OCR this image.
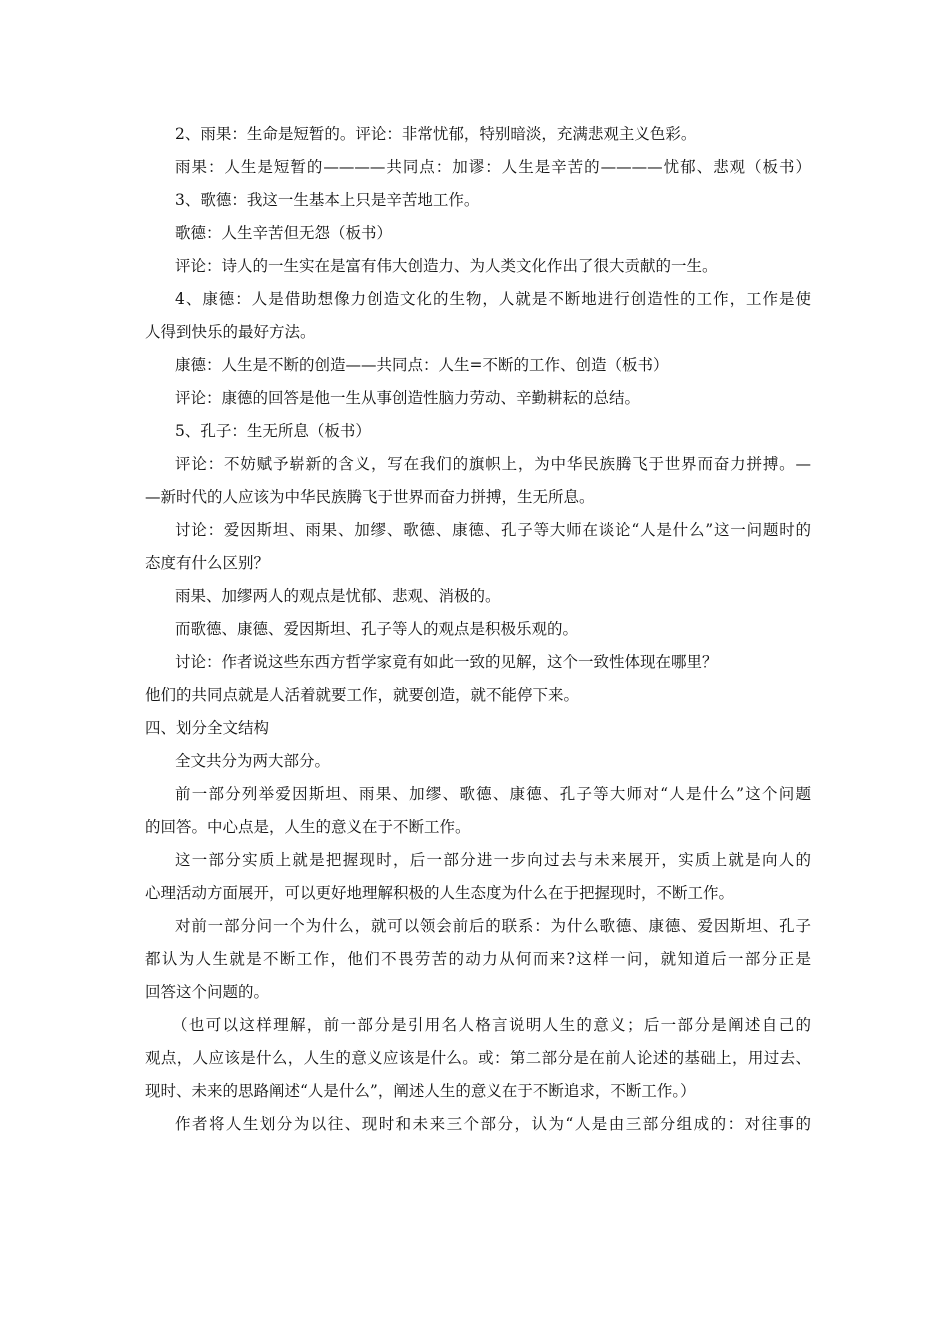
2、雨果：生命是短暂的。评论：非常忧郁，特别暗淡，充满悲观主义色彩。

雨果：人生是短暂的————共同点：加谬：人生是辛苦的————忧郁、悲观（板书）

3、歌德：我这一生基本上只是辛苦地工作。

歌德：人生辛苦但无怨（板书）

评论：诗人的一生实在是富有伟大创造力、为人类文化作出了很大贡献的一生。

4、康德：人是借助想像力创造文化的生物，人就是不断地进行创造性的工作，工作是使

人得到快乐的最好方法。

康德：人生是不断的创造——共同点：人生=不断的工作、创造（板书）

评论：康德的回答是他一生从事创造性脑力劳动、辛勤耕耘的总结。

5、孔子：生无所息（板书）

评论：不妨赋予崭新的含义，写在我们的旗帜上，为中华民族腾飞于世界而奋力拼搏。—

—新时代的人应该为中华民族腾飞于世界而奋力拼搏，生无所息。

讨论：爱因斯坦、雨果、加缪、歌德、康德、孔子等大师在谈论“人是什么”这一问题时的

态度有什么区别？

雨果、加缪两人的观点是忧郁、悲观、消极的。

而歌德、康德、爱因斯坦、孔子等人的观点是积极乐观的。

讨论：作者说这些东西方哲学家竟有如此一致的见解，这个一致性体现在哪里？

他们的共同点就是人活着就要工作，就要创造，就不能停下来。

四、划分全文结构

全文共分为两大部分。

前一部分列举爱因斯坦、雨果、加缪、歌德、康德、孔子等大师对“人是什么”这个问题

的回答。中心点是，人生的意义在于不断工作。

这一部分实质上就是把握现时，后一部分进一步向过去与未来展开，实质上就是向人的

心理活动方面展开，可以更好地理解积极的人生态度为什么在于把握现时，不断工作。

对前一部分问一个为什么，就可以领会前后的联系：为什么歌德、康德、爱因斯坦、孔子

都认为人生就是不断工作，他们不畏劳苦的动力从何而来?这样一问，就知道后一部分正是

回答这个问题的。

（也可以这样理解，前一部分是引用名人格言说明人生的意义；后一部分是阐述自己的

观点，人应该是什么，人生的意义应该是什么。或：第二部分是在前人论述的基础上，用过去、

现时、未来的思路阐述“人是什么”，阐述人生的意义在于不断追求，不断工作。）

作者将人生划分为以往、现时和未来三个部分，认为“人是由三部分组成的：对往事的
